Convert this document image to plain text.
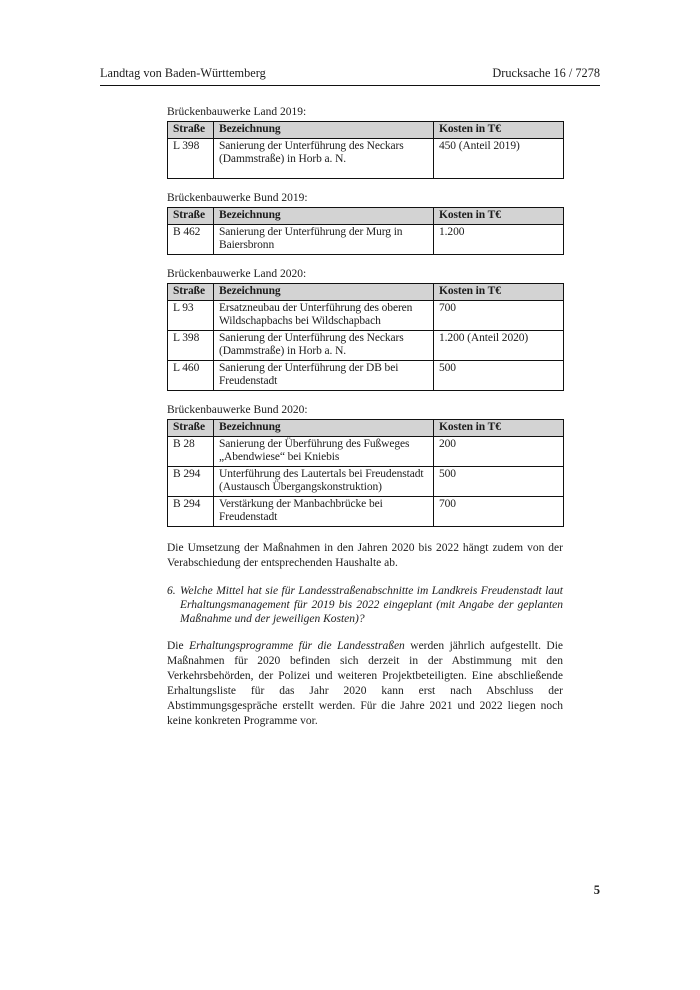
Landtag von Baden-Württemberg	Drucksache 16 / 7278
Brückenbauwerke Land 2019:
Straße	Bezeichnung	Kosten in T€
L 398	Sanierung der Unterführung des Neckars (Dammstraße) in Horb a. N.	450 (Anteil 2019)
Brückenbauwerke Bund 2019:
Straße	Bezeichnung	Kosten in T€
B 462	Sanierung der Unterführung der Murg in Baiersbronn	1.200
Brückenbauwerke Land 2020:
Straße	Bezeichnung	Kosten in T€
L 93	Ersatzneubau der Unterführung des oberen Wildschapbachs bei Wildschapbach	700
L 398	Sanierung der Unterführung des Neckars (Dammstraße) in Horb a. N.	1.200 (Anteil 2020)
L 460	Sanierung der Unterführung der DB bei Freudenstadt	500
Brückenbauwerke Bund 2020:
Straße	Bezeichnung	Kosten in T€
B 28	Sanierung der Überführung des Fußweges „Abendwiese“ bei Kniebis	200
B 294	Unterführung des Lautertals bei Freudenstadt (Austausch Übergangskonstruktion)	500
B 294	Verstärkung der Manbachbrücke bei Freudenstadt	700

Die Umsetzung der Maßnahmen in den Jahren 2020 bis 2022 hängt zudem von der Verabschiedung der entsprechenden Haushalte ab.

6. Welche Mittel hat sie für Landesstraßenabschnitte im Landkreis Freudenstadt laut Erhaltungsmanagement für 2019 bis 2022 eingeplant (mit Angabe der geplanten Maßnahme und der jeweiligen Kosten)?

Die Erhaltungsprogramme für die Landesstraßen werden jährlich aufgestellt. Die Maßnahmen für 2020 befinden sich derzeit in der Abstimmung mit den Verkehrsbehörden, der Polizei und weiteren Projektbeteiligten. Eine abschließende Erhaltungsliste für das Jahr 2020 kann erst nach Abschluss der Abstimmungsgespräche erstellt werden. Für die Jahre 2021 und 2022 liegen noch keine konkreten Programme vor.

5
